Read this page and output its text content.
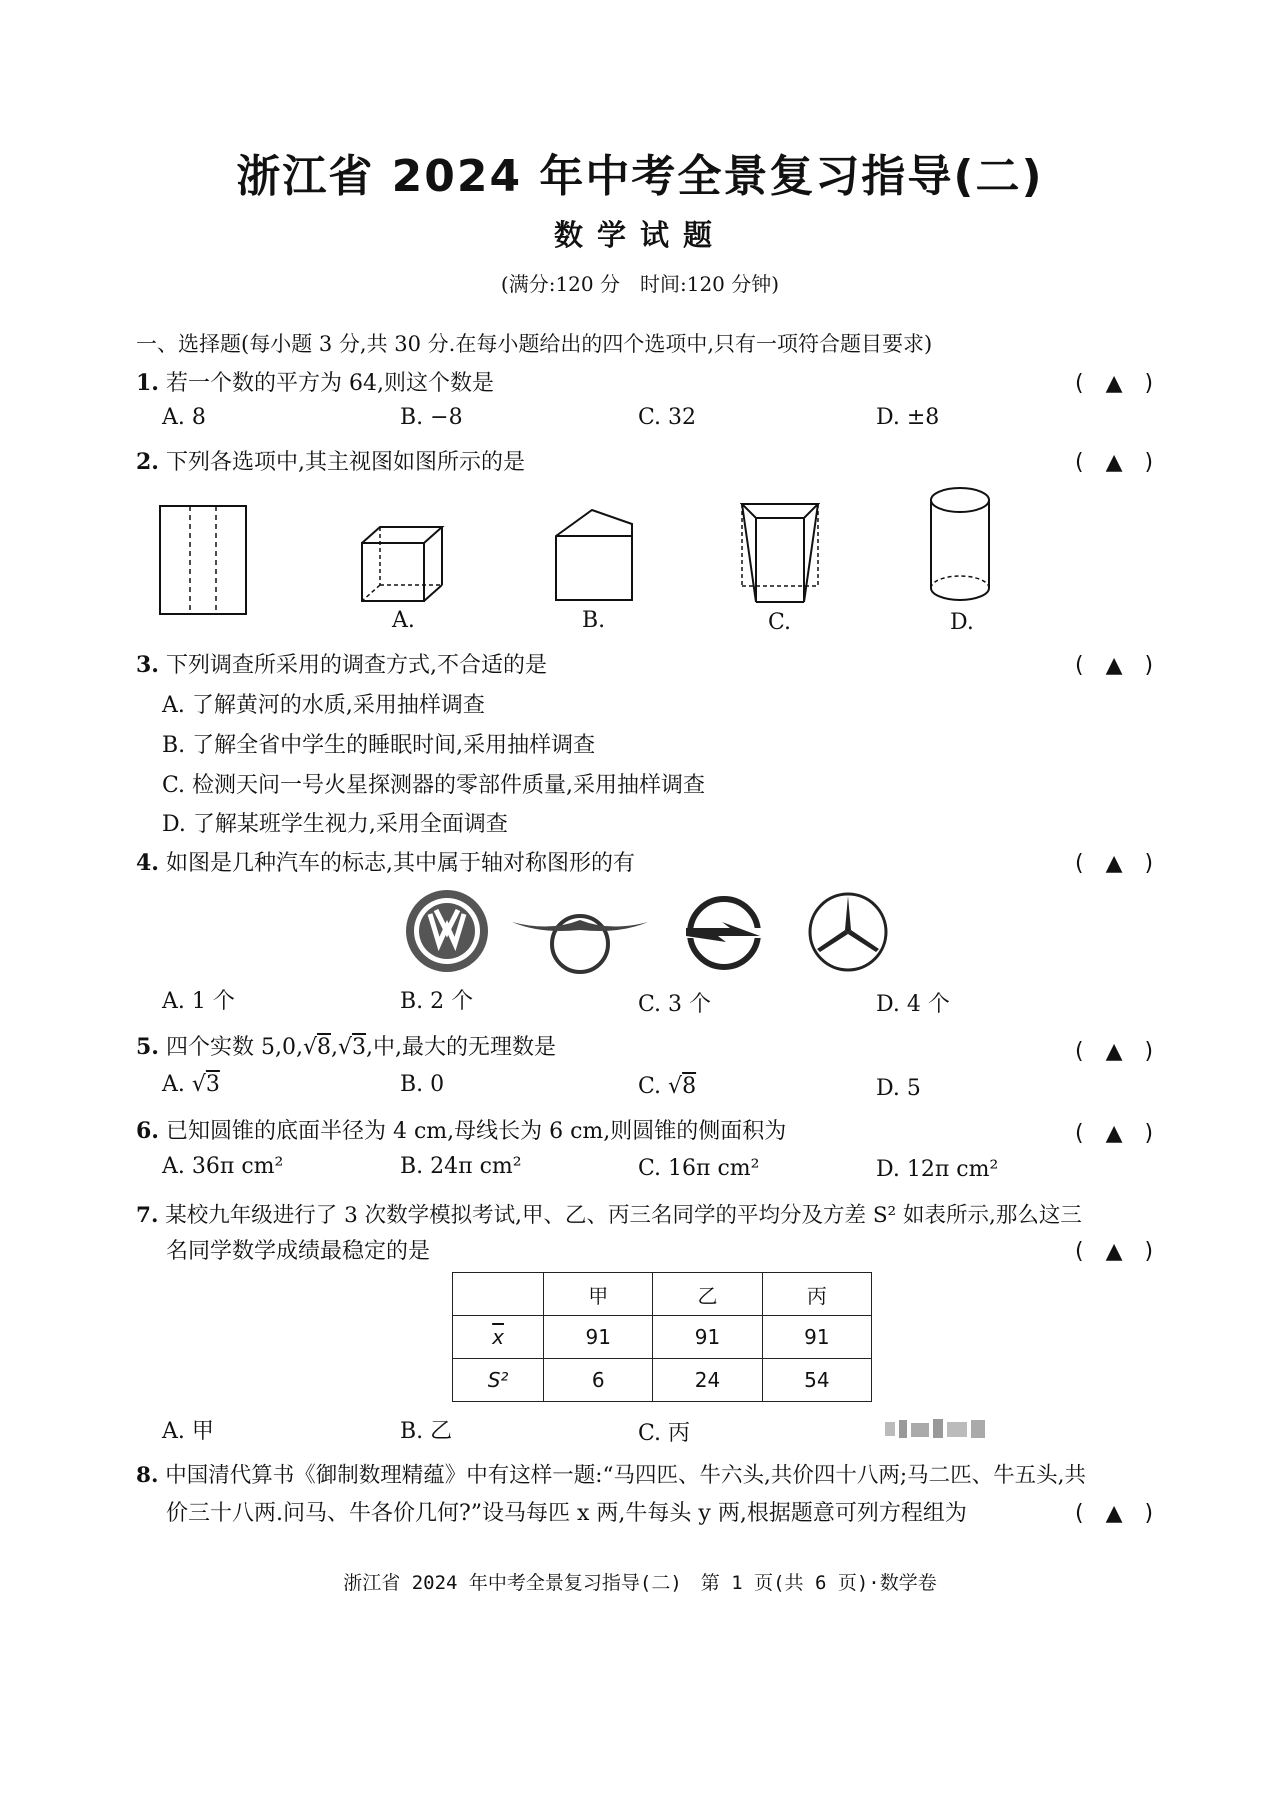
浙江省 2024 年中考全景复习指导(二)
数学试题
(满分:120 分　时间:120 分钟)
一、选择题(每小题 3 分,共 30 分.在每小题给出的四个选项中,只有一项符合题目要求)
1. 若一个数的平方为 64,则这个数是	(　▲　)
A. 8	B. −8	C. 32	D. ±8
2. 下列各选项中,其主视图如图所示的是	(　▲　)
A.	B.	C.	D.
3. 下列调查所采用的调查方式,不合适的是	(　▲　)
A. 了解黄河的水质,采用抽样调查
B. 了解全省中学生的睡眠时间,采用抽样调查
C. 检测天问一号火星探测器的零部件质量,采用抽样调查
D. 了解某班学生视力,采用全面调查
4. 如图是几种汽车的标志,其中属于轴对称图形的有	(　▲　)
A. 1 个	B. 2 个	C. 3 个	D. 4 个
5. 四个实数 5,0,√8,√3,中,最大的无理数是	(　▲　)
A. √3	B. 0	C. √8	D. 5
6. 已知圆锥的底面半径为 4 cm,母线长为 6 cm,则圆锥的侧面积为	(　▲　)
A. 36π cm²	B. 24π cm²	C. 16π cm²	D. 12π cm²
7. 某校九年级进行了 3 次数学模拟考试,甲、乙、丙三名同学的平均分及方差 S² 如表所示,那么这三
名同学数学成绩最稳定的是	(　▲　)
	甲	乙	丙
$\overline{x}$	91	91	91
S²	6	24	54
A. 甲	B. 乙	C. 丙
8. 中国清代算书《御制数理精蕴》中有这样一题:“马四匹、牛六头,共价四十八两;马二匹、牛五头,共
价三十八两.问马、牛各价几何?”设马每匹 x 两,牛每头 y 两,根据题意可列方程组为	(　▲　)
浙江省 2024 年中考全景复习指导(二)　第 1 页(共 6 页)·数学卷
